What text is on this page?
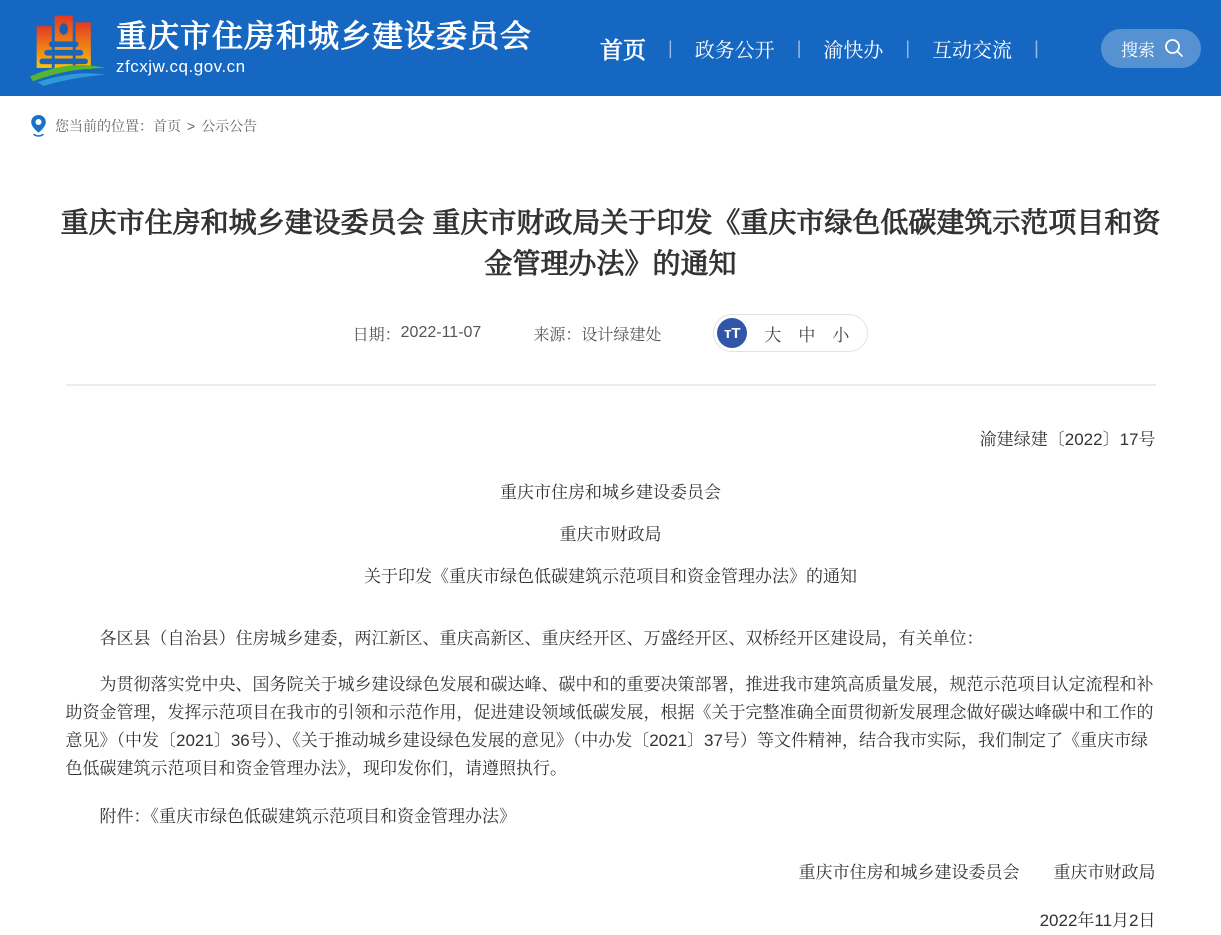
重庆市住房和城乡建设委员会
zfcxjw.cq.gov.cn
首页 | 政务公开 | 渝快办 | 互动交流 |	搜索
您当前的位置： 首页 > 公示公告
重庆市住房和城乡建设委员会 重庆市财政局关于印发《重庆市绿色低碳建筑示范项目和资金管理办法》的通知
日期： 2022-11-07	来源： 设计绿建处	тT	大 中 小

渝建绿建〔2022〕17号

重庆市住房和城乡建设委员会

重庆市财政局

关于印发《重庆市绿色低碳建筑示范项目和资金管理办法》的通知

各区县（自治县）住房城乡建委，两江新区、重庆高新区、重庆经开区、万盛经开区、双桥经开区建设局，有关单位：

为贯彻落实党中央、国务院关于城乡建设绿色发展和碳达峰、碳中和的重要决策部署，推进我市建筑高质量发展，规范示范项目认定流程和补助资金管理，发挥示范项目在我市的引领和示范作用，促进建设领域低碳发展，根据《关于完整准确全面贯彻新发展理念做好碳达峰碳中和工作的意见》（中发〔2021〕36号）、《关于推动城乡建设绿色发展的意见》（中办发〔2021〕37号）等文件精神，结合我市实际，我们制定了《重庆市绿色低碳建筑示范项目和资金管理办法》，现印发你们，请遵照执行。

附件：《重庆市绿色低碳建筑示范项目和资金管理办法》

重庆市住房和城乡建设委员会　　重庆市财政局

2022年11月2日
